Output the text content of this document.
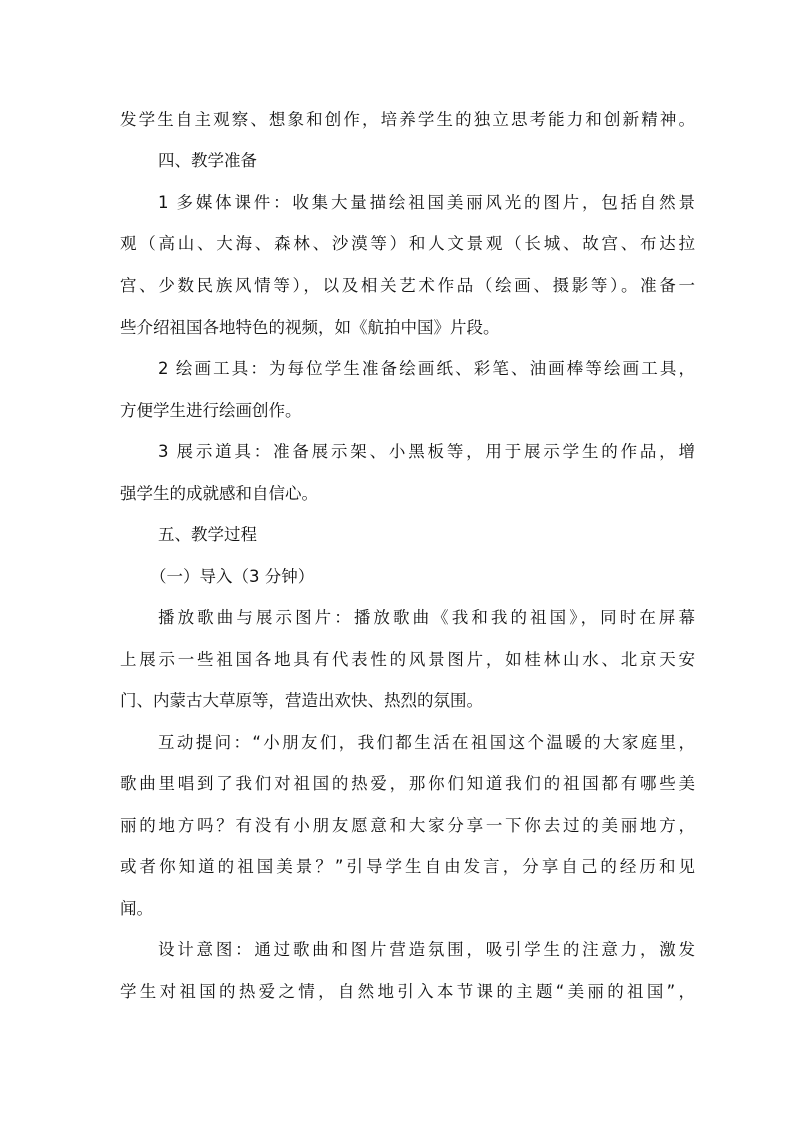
发学生自主观察、想象和创作，培养学生的独立思考能力和创新精神。
四、教学准备
1 多媒体课件：收集大量描绘祖国美丽风光的图片，包括自然景
观（高山、大海、森林、沙漠等）和人文景观（长城、故宫、布达拉
宫、少数民族风情等），以及相关艺术作品（绘画、摄影等）。准备一
些介绍祖国各地特色的视频，如《航拍中国》片段。
2 绘画工具：为每位学生准备绘画纸、彩笔、油画棒等绘画工具，
方便学生进行绘画创作。
3 展示道具：准备展示架、小黑板等，用于展示学生的作品，增
强学生的成就感和自信心。
五、教学过程
（一）导入（3 分钟）
播放歌曲与展示图片：播放歌曲《我和我的祖国》，同时在屏幕
上展示一些祖国各地具有代表性的风景图片，如桂林山水、北京天安
门、内蒙古大草原等，营造出欢快、热烈的氛围。
互动提问：“小朋友们，我们都生活在祖国这个温暖的大家庭里，
歌曲里唱到了我们对祖国的热爱，那你们知道我们的祖国都有哪些美
丽的地方吗？有没有小朋友愿意和大家分享一下你去过的美丽地方，
或者你知道的祖国美景？”引导学生自由发言，分享自己的经历和见
闻。
设计意图：通过歌曲和图片营造氛围，吸引学生的注意力，激发
学生对祖国的热爱之情，自然地引入本节课的主题“美丽的祖国”，
